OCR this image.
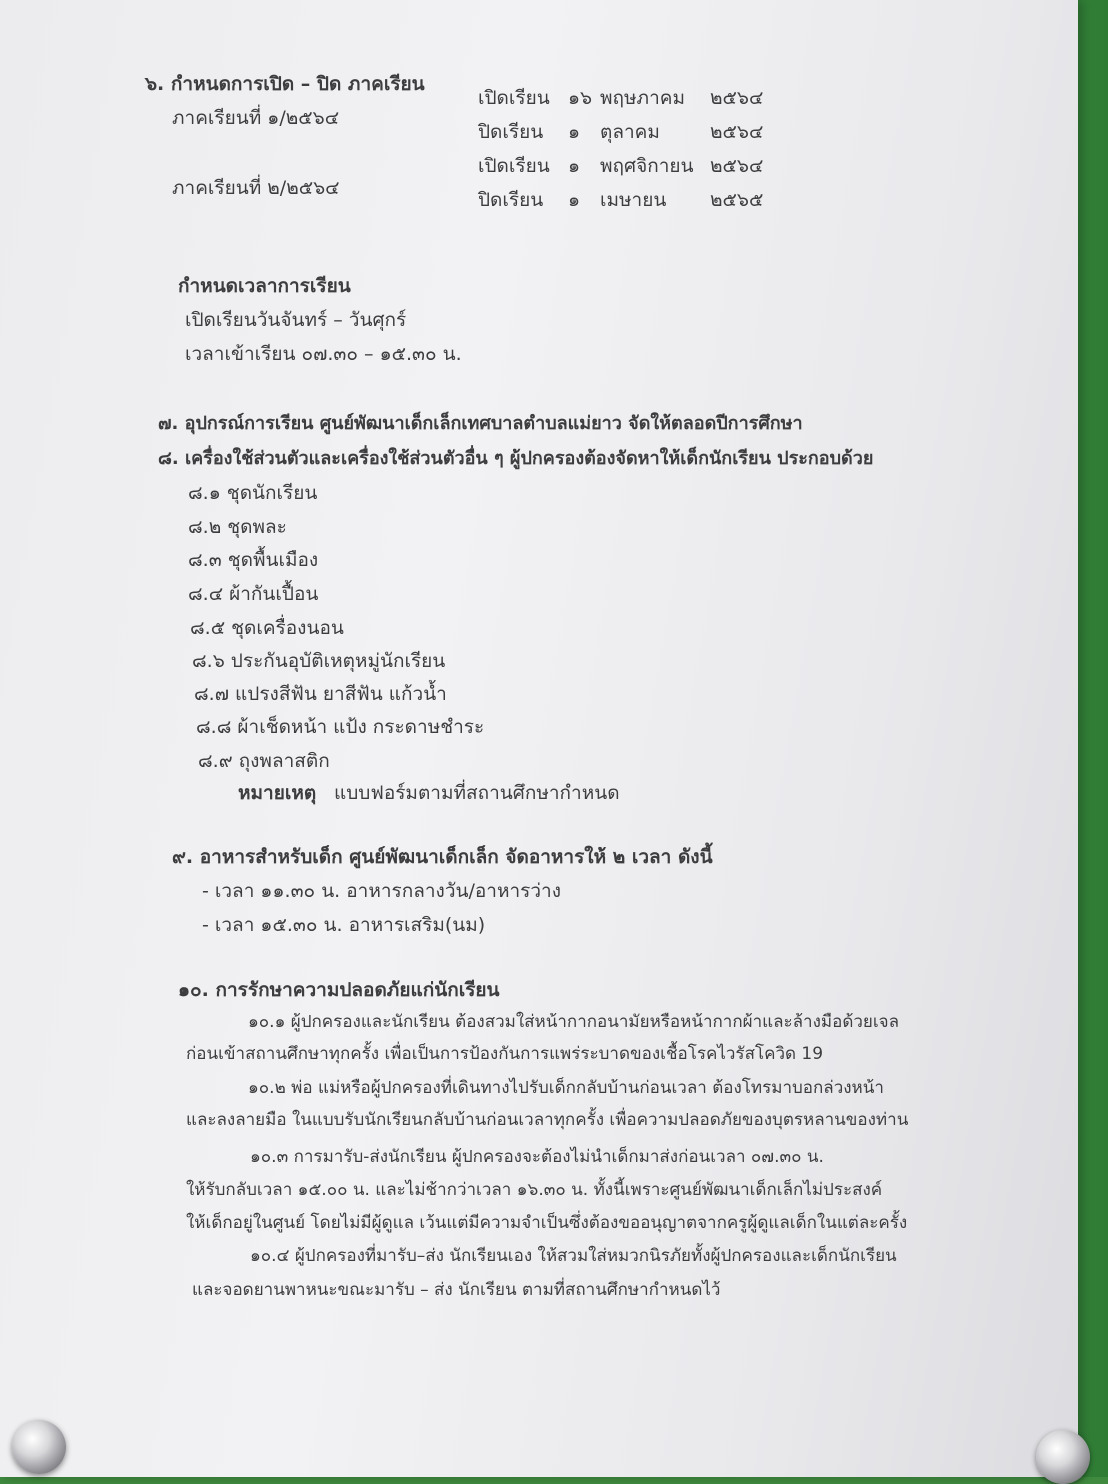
๖. กำหนดการเปิด – ปิด ภาคเรียน
ภาคเรียนที่ ๑/๒๕๖๔
ภาคเรียนที่ ๒/๒๕๖๔
เปิดเรียน ๑๖ พฤษภาคม ๒๕๖๔
ปิดเรียน ๑ ตุลาคม	๒๕๖๔
เปิดเรียน ๑ พฤศจิกายน ๒๕๖๔
ปิดเรียน ๑ เมษายน ๒๕๖๕
กำหนดเวลาการเรียน
เปิดเรียนวันจันทร์ – วันศุกร์
เวลาเข้าเรียน ๐๗.๓๐ – ๑๕.๓๐ น.
๗. อุปกรณ์การเรียน ศูนย์พัฒนาเด็กเล็กเทศบาลตำบลแม่ยาว จัดให้ตลอดปีการศึกษา
๘. เครื่องใช้ส่วนตัวและเครื่องใช้ส่วนตัวอื่น ๆ ผู้ปกครองต้องจัดหาให้เด็กนักเรียน ประกอบด้วย
๘.๑ ชุดนักเรียน
๘.๒ ชุดพละ
๘.๓ ชุดพื้นเมือง
๘.๔ ผ้ากันเปื้อน
๘.๕ ชุดเครื่องนอน
๘.๖ ประกันอุบัติเหตุหมู่นักเรียน
๘.๗ แปรงสีฟัน ยาสีฟัน แก้วน้ำ
๘.๘ ผ้าเช็ดหน้า แป้ง กระดาษชำระ
๘.๙ ถุงพลาสติก
หมายเหตุ แบบฟอร์มตามที่สถานศึกษากำหนด
๙. อาหารสำหรับเด็ก ศูนย์พัฒนาเด็กเล็ก จัดอาหารให้ ๒ เวลา ดังนี้
- เวลา ๑๑.๓๐ น. อาหารกลางวัน/อาหารว่าง
- เวลา ๑๕.๓๐ น. อาหารเสริม(นม)
๑๐. การรักษาความปลอดภัยแก่นักเรียน
๑๐.๑ ผู้ปกครองและนักเรียน ต้องสวมใส่หน้ากากอนามัยหรือหน้ากากผ้าและล้างมือด้วยเจล
ก่อนเข้าสถานศึกษาทุกครั้ง เพื่อเป็นการป้องกันการแพร่ระบาดของเชื้อโรคไวรัสโควิด 19
๑๐.๒ พ่อ แม่หรือผู้ปกครองที่เดินทางไปรับเด็กกลับบ้านก่อนเวลา ต้องโทรมาบอกล่วงหน้า
และลงลายมือ ในแบบรับนักเรียนกลับบ้านก่อนเวลาทุกครั้ง เพื่อความปลอดภัยของบุตรหลานของท่าน
๑๐.๓ การมารับ-ส่งนักเรียน ผู้ปกครองจะต้องไม่นำเด็กมาส่งก่อนเวลา ๐๗.๓๐ น.
ให้รับกลับเวลา ๑๕.๐๐ น. และไม่ช้ากว่าเวลา ๑๖.๓๐ น. ทั้งนี้เพราะศูนย์พัฒนาเด็กเล็กไม่ประสงค์
ให้เด็กอยู่ในศูนย์ โดยไม่มีผู้ดูแล เว้นแต่มีความจำเป็นซึ่งต้องขออนุญาตจากครูผู้ดูแลเด็กในแต่ละครั้ง
๑๐.๔ ผู้ปกครองที่มารับ–ส่ง นักเรียนเอง ให้สวมใส่หมวกนิรภัยทั้งผู้ปกครองและเด็กนักเรียน
และจอดยานพาหนะขณะมารับ – ส่ง นักเรียน ตามที่สถานศึกษากำหนดไว้
